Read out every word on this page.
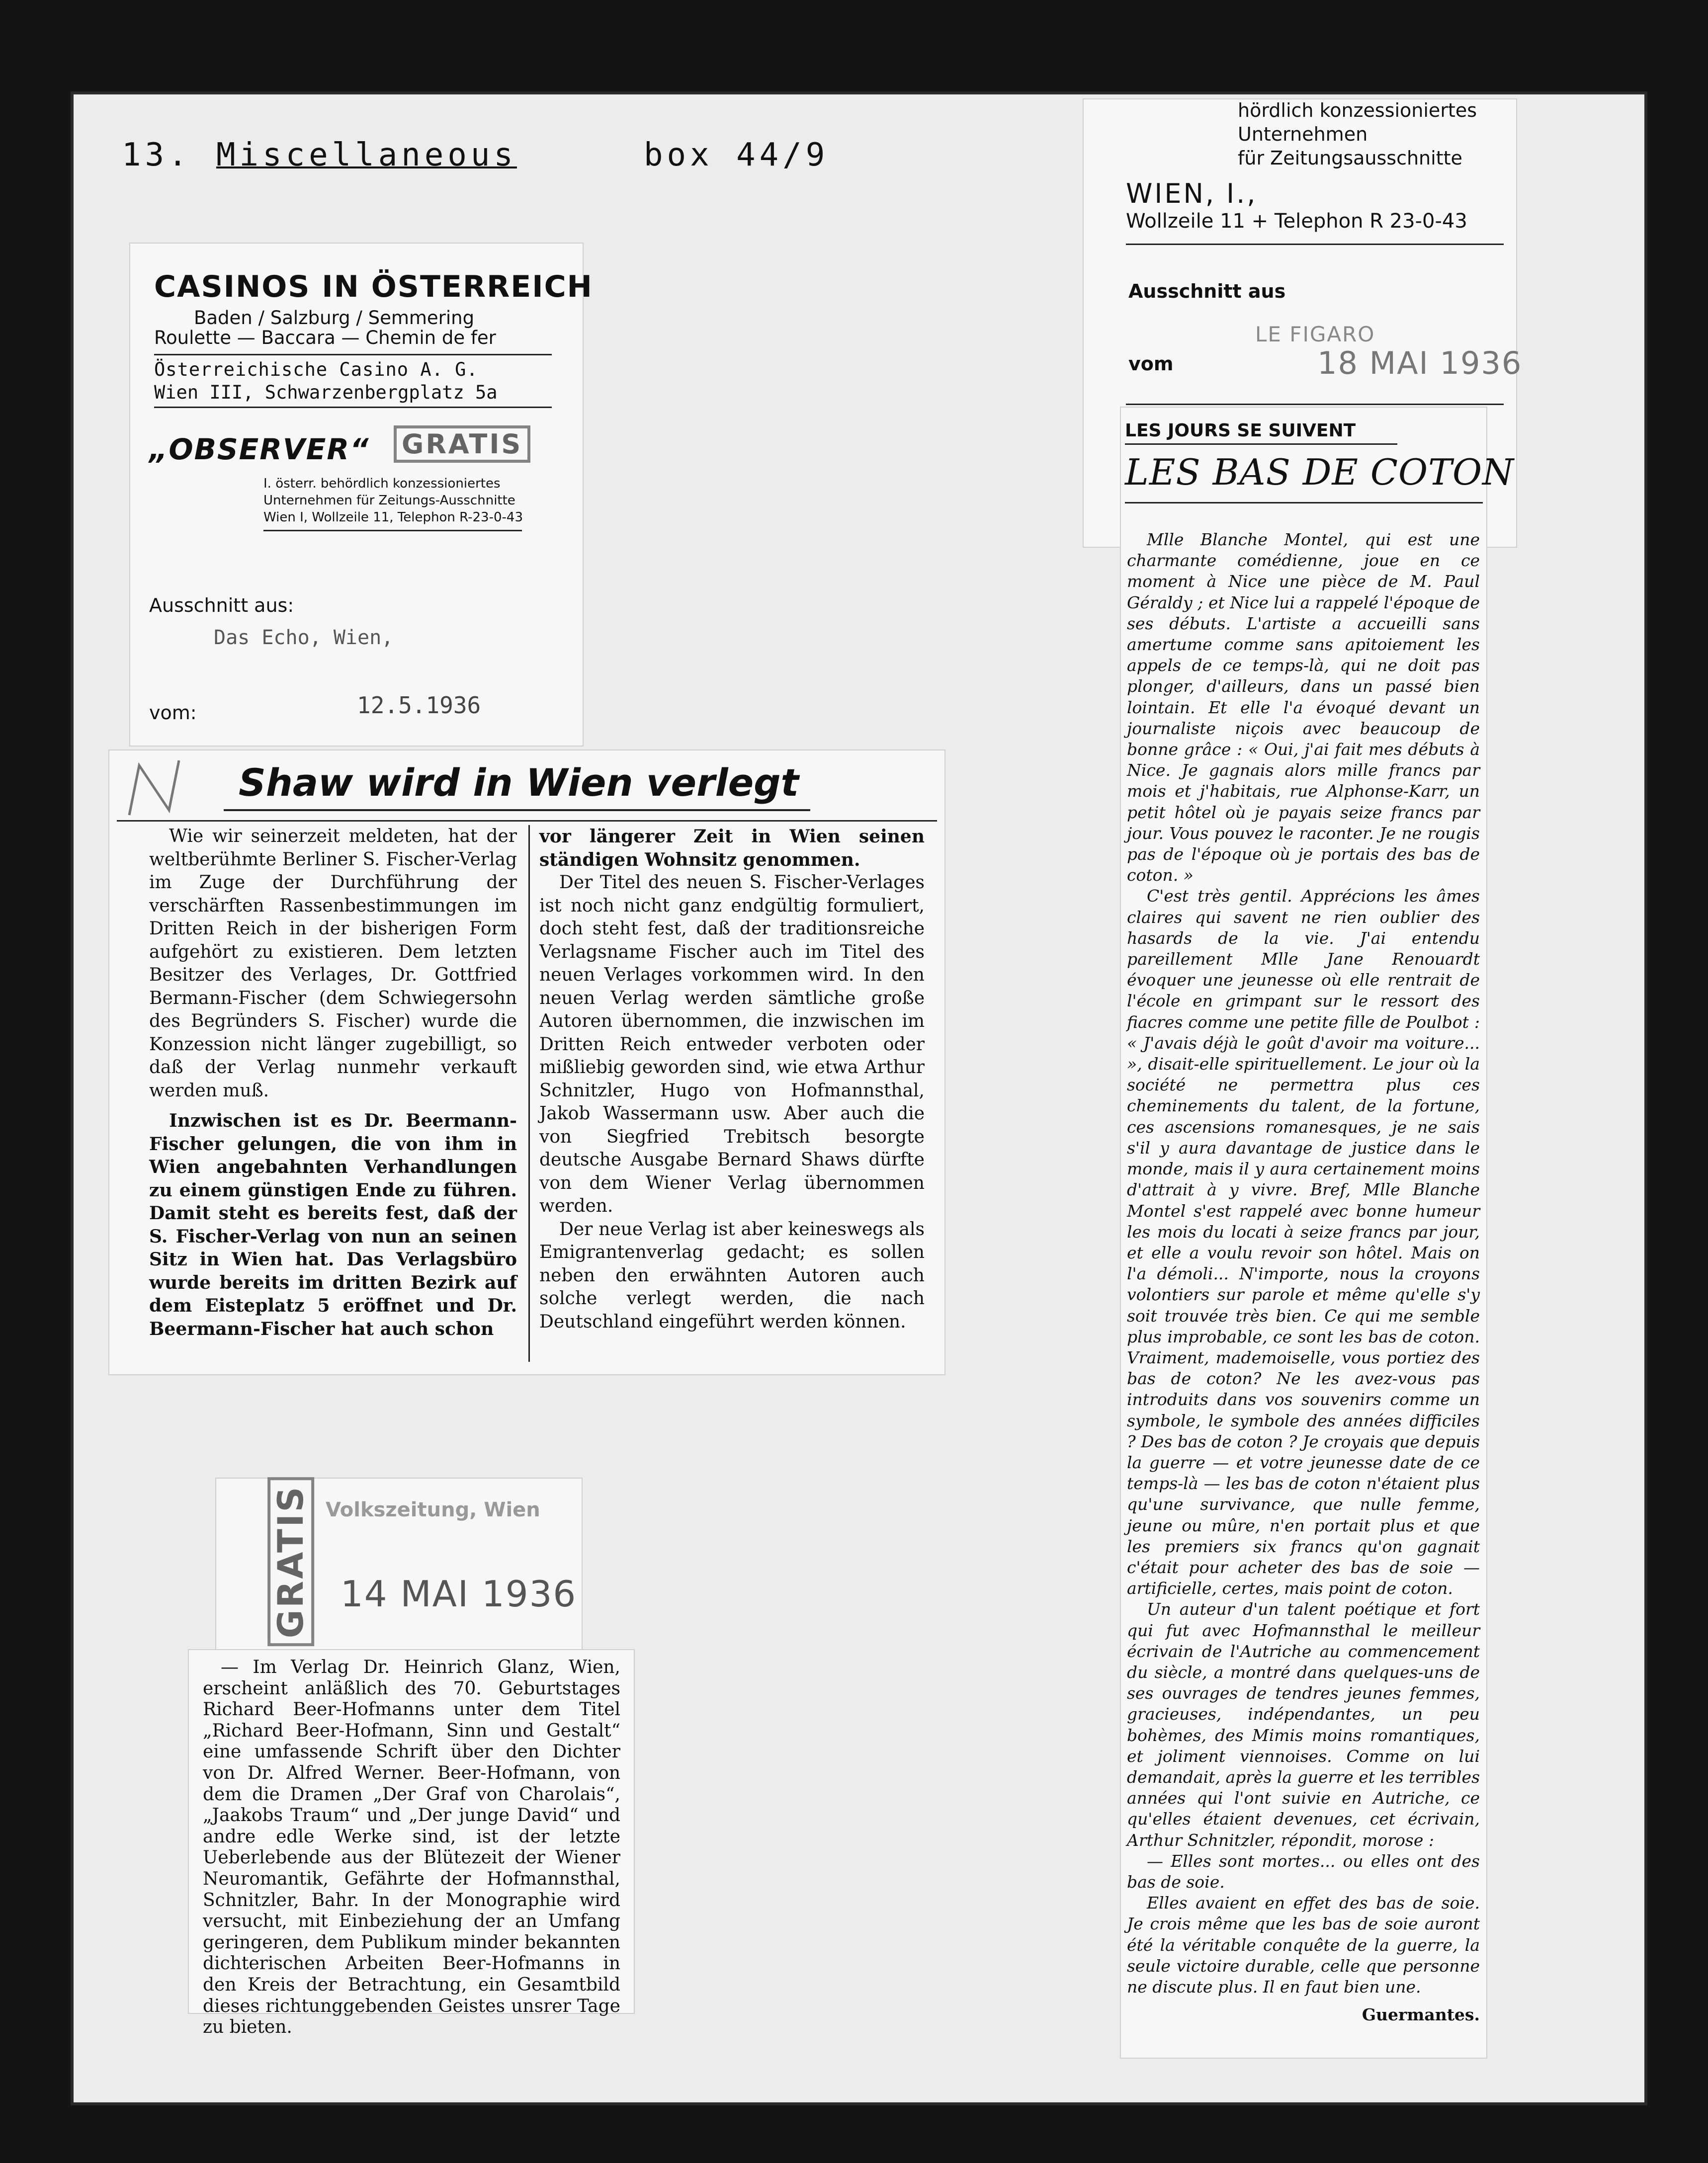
13. Miscellaneous	box 44/9
CASINOS IN ÖSTERREICH
Baden / Salzburg / Semmering
Roulette — Baccara — Chemin de fer
Österreichische Casino A. G.
Wien III, Schwarzenbergplatz 5a
„OBSERVER“ GRATIS
I. österr. behördlich konzessioniertes
Unternehmen für Zeitungs-Ausschnitte
Wien I, Wollzeile 11, Telephon R-23-0-43
Ausschnitt aus:
Das Echo, Wien,
vom:	12.5.1936
Shaw wird in Wien verlegt

Wie wir seinerzeit meldeten, hat der weltberühmte Berliner S. Fischer-Verlag im Zuge der Durchführung der verschärften Rassenbestimmungen im Dritten Reich in der bisherigen Form aufgehört zu existieren. Dem letzten Besitzer des Verlages, Dr. Gottfried Bermann-Fischer (dem Schwiegersohn des Begründers S. Fischer) wurde die Konzession nicht länger zugebilligt, so daß der Verlag nunmehr verkauft werden muß.

Inzwischen ist es Dr. Beermann-Fischer gelungen, die von ihm in Wien angebahnten Verhandlungen zu einem günstigen Ende zu führen. Damit steht es bereits fest, daß der S. Fischer-Verlag von nun an seinen Sitz in Wien hat. Das Verlagsbüro wurde bereits im dritten Bezirk auf dem Eisteplatz 5 eröffnet und Dr. Beermann-Fischer hat auch schon

vor längerer Zeit in Wien seinen ständigen Wohnsitz genommen.

Der Titel des neuen S. Fischer-Verlages ist noch nicht ganz endgültig formuliert, doch steht fest, daß der traditionsreiche Verlagsname Fischer auch im Titel des neuen Verlages vorkommen wird. In den neuen Verlag werden sämtliche große Autoren übernommen, die inzwischen im Dritten Reich entweder verboten oder mißliebig geworden sind, wie etwa Arthur Schnitzler, Hugo von Hofmannsthal, Jakob Wassermann usw. Aber auch die von Siegfried Trebitsch besorgte deutsche Ausgabe Bernard Shaws dürfte von dem Wiener Verlag übernommen werden.

Der neue Verlag ist aber keineswegs als Emigrantenverlag gedacht; es sollen neben den erwähnten Autoren auch solche verlegt werden, die nach Deutschland eingeführt werden können.

hördlich konzessioniertes
Unternehmen
für Zeitungsausschnitte
WIEN, I.,
Wollzeile 11 + Telephon R 23-0-43
Ausschnitt aus
LE FIGARO
vom	18 MAI 1936
LES JOURS SE SUIVENT
LES BAS DE COTON

Mlle Blanche Montel, qui est une charmante comédienne, joue en ce moment à Nice une pièce de M. Paul Géraldy ; et Nice lui a rappelé l'époque de ses débuts. L'artiste a accueilli sans amertume comme sans apitoiement les appels de ce temps-là, qui ne doit pas plonger, d'ailleurs, dans un passé bien lointain. Et elle l'a évoqué devant un journaliste niçois avec beaucoup de bonne grâce : « Oui, j'ai fait mes débuts à Nice. Je gagnais alors mille francs par mois et j'habitais, rue Alphonse-Karr, un petit hôtel où je payais seize francs par jour. Vous pouvez le raconter. Je ne rougis pas de l'époque où je portais des bas de coton. »

C'est très gentil. Apprécions les âmes claires qui savent ne rien oublier des hasards de la vie. J'ai entendu pareillement Mlle Jane Renouardt évoquer une jeunesse où elle rentrait de l'école en grimpant sur le ressort des fiacres comme une petite fille de Poulbot : « J'avais déjà le goût d'avoir ma voiture... », disait-elle spirituellement. Le jour où la société ne permettra plus ces cheminements du talent, de la fortune, ces ascensions romanesques, je ne sais s'il y aura davantage de justice dans le monde, mais il y aura certainement moins d'attrait à y vivre. Bref, Mlle Blanche Montel s'est rappelé avec bonne humeur les mois du locati à seize francs par jour, et elle a voulu revoir son hôtel. Mais on l'a démoli... N'importe, nous la croyons volontiers sur parole et même qu'elle s'y soit trouvée très bien. Ce qui me semble plus improbable, ce sont les bas de coton. Vraiment, mademoiselle, vous portiez des bas de coton? Ne les avez-vous pas introduits dans vos souvenirs comme un symbole, le symbole des années difficiles ? Des bas de coton ? Je croyais que depuis la guerre — et votre jeunesse date de ce temps-là — les bas de coton n'étaient plus qu'une survivance, que nulle femme, jeune ou mûre, n'en portait plus et que les premiers six francs qu'on gagnait c'était pour acheter des bas de soie — artificielle, certes, mais point de coton.

Un auteur d'un talent poétique et fort qui fut avec Hofmannsthal le meilleur écrivain de l'Autriche au commencement du siècle, a montré dans quelques-uns de ses ouvrages de tendres jeunes femmes, gracieuses, indépendantes, un peu bohèmes, des Mimis moins romantiques, et joliment viennoises. Comme on lui demandait, après la guerre et les terribles années qui l'ont suivie en Autriche, ce qu'elles étaient devenues, cet écrivain, Arthur Schnitzler, répondit, morose :

— Elles sont mortes... ou elles ont des bas de soie.

Elles avaient en effet des bas de soie. Je crois même que les bas de soie auront été la véritable conquête de la guerre, la seule victoire durable, celle que personne ne discute plus. Il en faut bien une.

Guermantes.

GRATIS Volkszeitung, Wien
14 MAI 1936

— Im Verlag Dr. Heinrich Glanz, Wien, erscheint anläßlich des 70. Geburtstages Richard Beer-Hofmanns unter dem Titel „Richard Beer-Hofmann, Sinn und Gestalt“ eine umfassende Schrift über den Dichter von Dr. Alfred Werner. Beer-Hofmann, von dem die Dramen „Der Graf von Charolais“, „Jaakobs Traum“ und „Der junge David“ und andre edle Werke sind, ist der letzte Ueberlebende aus der Blütezeit der Wiener Neuromantik, Gefährte der Hofmannsthal, Schnitzler, Bahr. In der Monographie wird versucht, mit Einbeziehung der an Umfang geringeren, dem Publikum minder bekannten dichterischen Arbeiten Beer-Hofmanns in den Kreis der Betrachtung, ein Gesamtbild dieses richtunggebenden Geistes unsrer Tage zu bieten.
